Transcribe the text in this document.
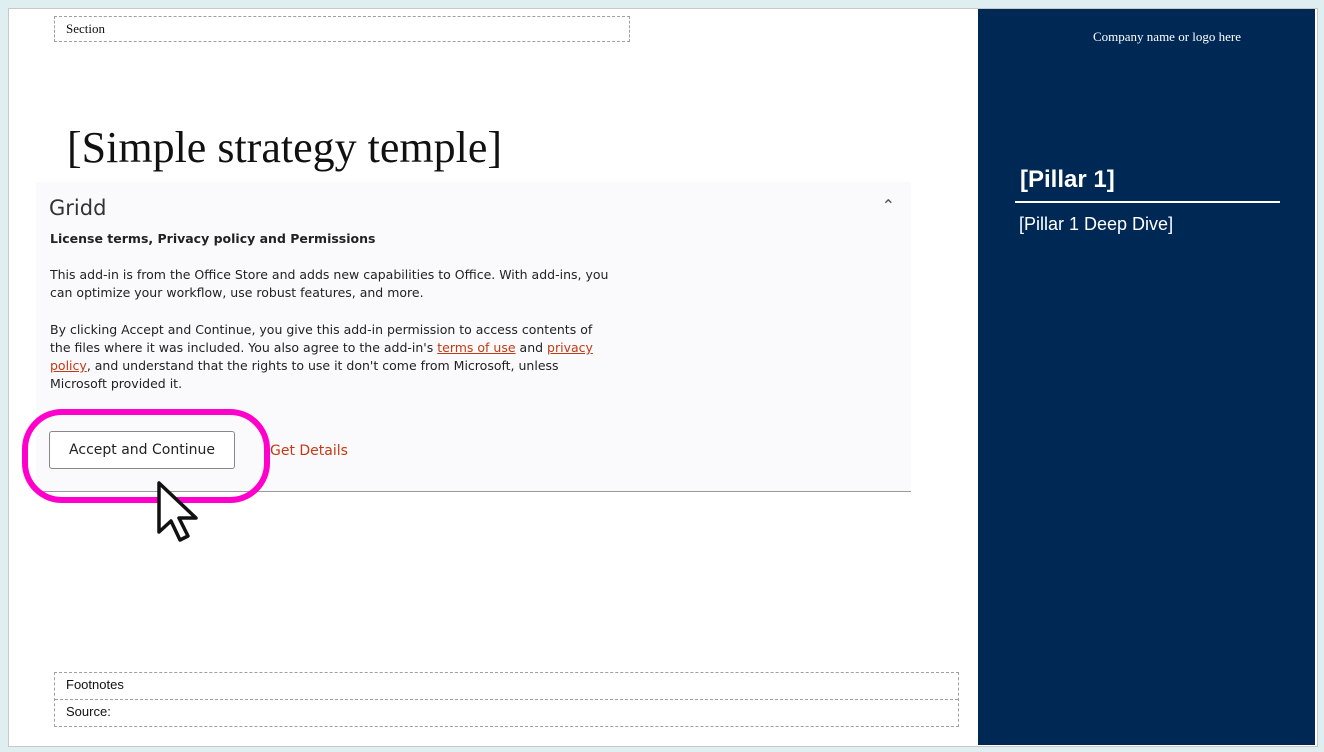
Section
[Simple strategy temple]
Footnotes
Source:
Company name or logo here
[Pillar 1]
[Pillar 1 Deep Dive]
Gridd	⌃

License terms, Privacy policy and Permissions

This add-in is from the Office Store and adds new capabilities to Office. With add-ins, you can optimize your workflow, use robust features, and more.

By clicking Accept and Continue, you give this add-in permission to access contents of the files where it was included. You also agree to the add-in's terms of use and privacy policy, and understand that the rights to use it don't come from Microsoft, unless Microsoft provided it.

Accept and Continue	Get Details
